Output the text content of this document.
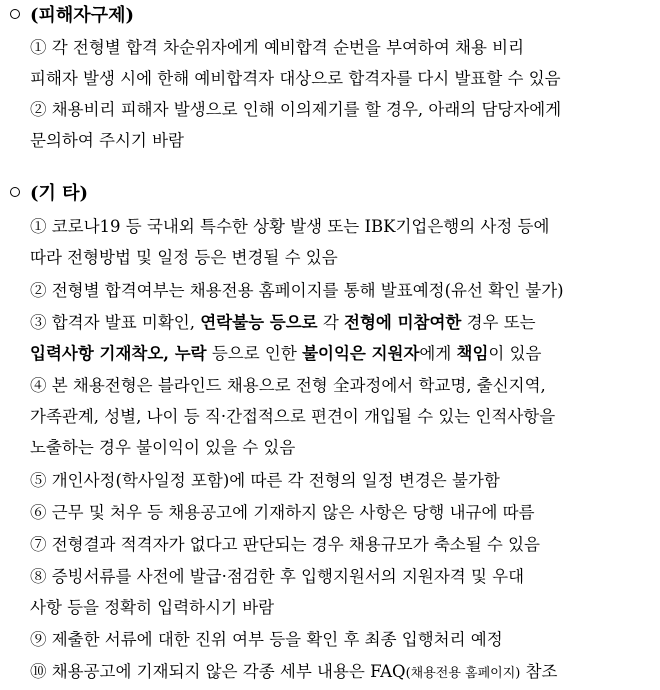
(피해자구제)
① 각 전형별 합격 차순위자에게 예비합격 순번을 부여하여 채용 비리
피해자 발생 시에 한해 예비합격자 대상으로 합격자를 다시 발표할 수 있음
② 채용비리 피해자 발생으로 인해 이의제기를 할 경우, 아래의 담당자에게
문의하여 주시기 바람
(기 타)
① 코로나19 등 국내외 특수한 상황 발생 또는 IBK기업은행의 사정 등에
따라 전형방법 및 일정 등은 변경될 수 있음
② 전형별 합격여부는 채용전용 홈페이지를 통해 발표예정(유선 확인 불가)
③ 합격자 발표 미확인, 연락불능 등으로 각 전형에 미참여한 경우 또는
입력사항 기재착오, 누락 등으로 인한 불이익은 지원자에게 책임이 있음
④ 본 채용전형은 블라인드 채용으로 전형 全과정에서 학교명, 출신지역,
가족관계, 성별, 나이 등 직·간접적으로 편견이 개입될 수 있는 인적사항을
노출하는 경우 불이익이 있을 수 있음
⑤ 개인사정(학사일정 포함)에 따른 각 전형의 일정 변경은 불가함
⑥ 근무 및 처우 등 채용공고에 기재하지 않은 사항은 당행 내규에 따름
⑦ 전형결과 적격자가 없다고 판단되는 경우 채용규모가 축소될 수 있음
⑧ 증빙서류를 사전에 발급·점검한 후 입행지원서의 지원자격 및 우대
사항 등을 정확히 입력하시기 바람
⑨ 제출한 서류에 대한 진위 여부 등을 확인 후 최종 입행처리 예정
⑩ 채용공고에 기재되지 않은 각종 세부 내용은 FAQ(채용전용 홈페이지) 참조
